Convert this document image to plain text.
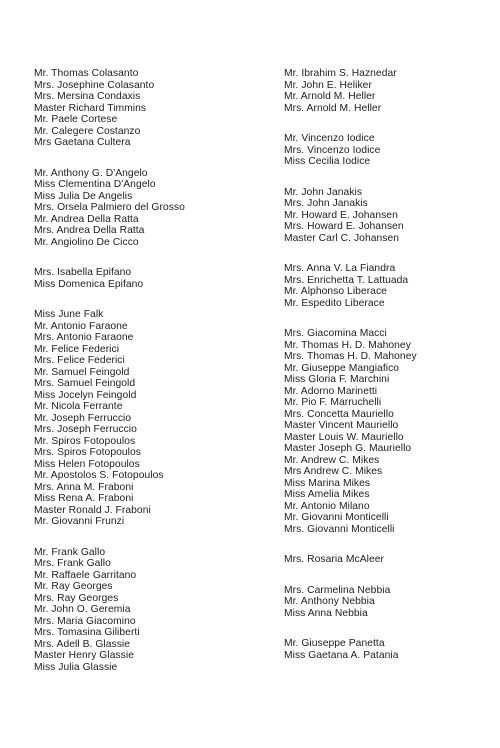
Mr. Thomas Colasanto
Mrs. Josephine Colasanto
Mrs. Mersina Condaxis
Master Richard Timmins
Mr. Paele Cortese
Mr. Calegere Costanzo
Mrs Gaetana Cultera
Mr. Anthony G. D'Angelo
Miss Clementina D'Angelo
Miss Julia De Angelis
Mrs. Orsela Palmiero del Grosso
Mr. Andrea Della Ratta
Mrs. Andrea Della Ratta
Mr. Angiolino De Cicco
Mrs. Isabella Epifano
Miss Domenica Epifano
Miss June Falk
Mr. Antonio Faraone
Mrs. Antonio Faraone
Mr. Felice Federici
Mrs. Felice Federici
Mr. Samuel Feingold
Mrs. Samuel Feingold
Miss Jocelyn Feingold
Mr. Nicola Ferrante
Mr. Joseph Ferruccio
Mrs. Joseph Ferruccio
Mr. Spiros Fotopoulos
Mrs. Spiros Fotopoulos
Miss Helen Fotopoulos
Mr. Apostolos S. Fotopoulos
Mrs. Anna M. Fraboni
Miss Rena A. Fraboni
Master Ronald J. Fraboni
Mr. Giovanni Frunzi
Mr. Frank Gallo
Mrs. Frank Gallo
Mr. Raffaele Garritano
Mr. Ray Georges
Mrs. Ray Georges
Mr. John O. Geremia
Mrs. Maria Giacomino
Mrs. Tomasina Giliberti
Mrs. Adell B. Glassie
Master Henry Glassie
Miss Julia Glassie
Mr. Ibrahim S. Haznedar
Mr. John E. Heliker
Mr. Arnold M. Heller
Mrs. Arnold M. Heller
Mr. Vincenzo Iodice
Mrs. Vincenzo Iodice
Miss Cecilia Iodice
Mr. John Janakis
Mrs. John Janakis
Mr. Howard E. Johansen
Mrs. Howard E. Johansen
Master Carl C. Johansen
Mrs. Anna V. La Fiandra
Mrs. Enrichetta T. Lattuada
Mr. Alphonso Liberace
Mr. Espedito Liberace
Mrs. Giacomina Macci
Mr. Thomas H. D. Mahoney
Mrs. Thomas H. D. Mahoney
Mr. Giuseppe Mangiafico
Miss Gloria F. Marchini
Mr. Adorno Marinetti
Mr. Pio F. Marruchelli
Mrs. Concetta Mauriello
Master Vincent Mauriello
Master Louis W. Mauriello
Master Joseph G. Mauriello
Mr. Andrew C. Mikes
Mrs Andrew C. Mikes
Miss Marina Mikes
Miss Amelia Mikes
Mr. Antonio Milano
Mr. Giovanni Monticelli
Mrs. Giovanni Monticelli
Mrs. Rosaria McAleer
Mrs. Carmelina Nebbia
Mr. Anthony Nebbia
Miss Anna Nebbia
Mr. Giuseppe Panetta
Miss Gaetana A. Patania
